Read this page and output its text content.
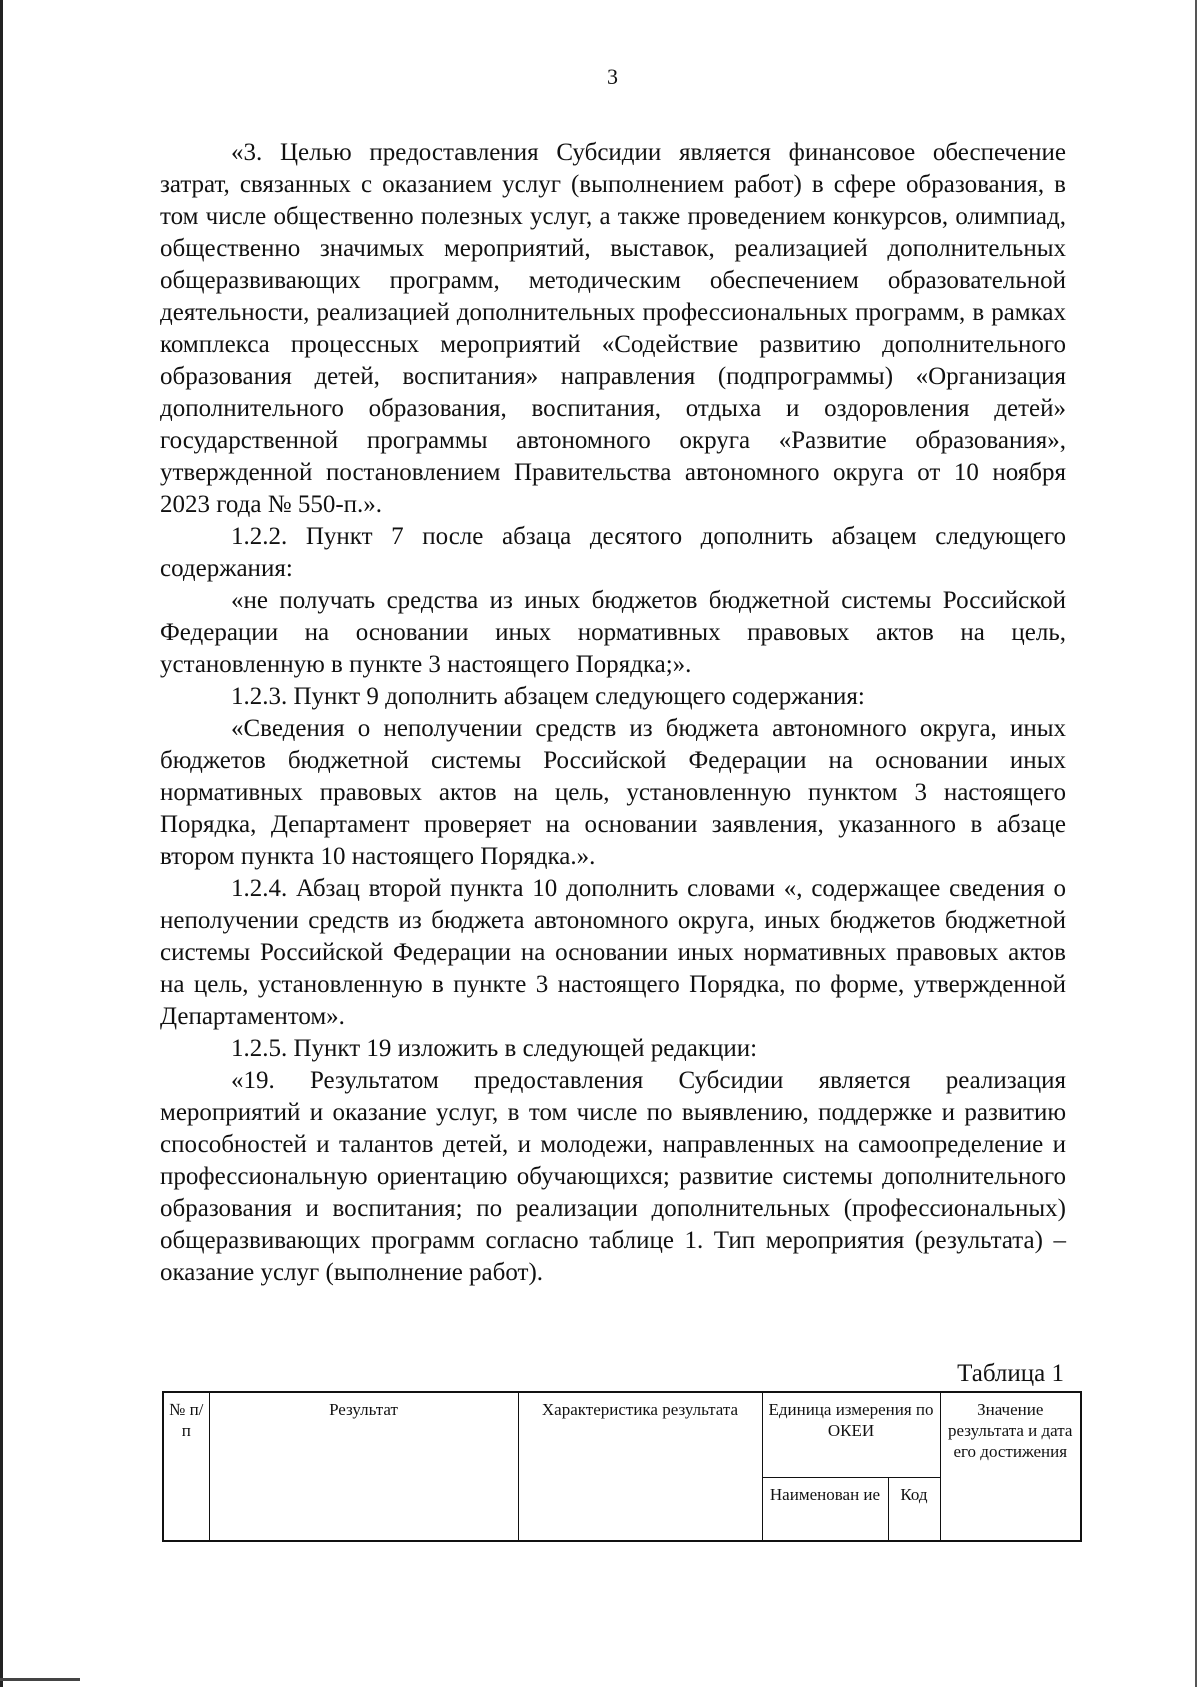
3

«3. Целью предоставления Субсидии является финансовое обеспечение затрат, связанных с оказанием услуг (выполнением работ) в сфере образования, в том числе общественно полезных услуг, а также проведением конкурсов, олимпиад, общественно значимых мероприятий, выставок, реализацией дополнительных общеразвивающих программ, методическим обеспечением образовательной деятельности, реализацией дополнительных профессиональных программ, в рамках комплекса процессных мероприятий «Содействие развитию дополнительного образования детей, воспитания» направления (подпрограммы) «Организация дополнительного образования, воспитания, отдыха и оздоровления детей» государственной программы автономного округа «Развитие образования», утвержденной постановлением Правительства автономного округа от 10 ноября 2023 года № 550-п.».

1.2.2. Пункт 7 после абзаца десятого дополнить абзацем следующего содержания:

«не получать средства из иных бюджетов бюджетной системы Российской Федерации на основании иных нормативных правовых актов на цель, установленную в пункте 3 настоящего Порядка;».

1.2.3. Пункт 9 дополнить абзацем следующего содержания:

«Сведения о неполучении средств из бюджета автономного округа, иных бюджетов бюджетной системы Российской Федерации на основании иных нормативных правовых актов на цель, установленную пунктом 3 настоящего Порядка, Департамент проверяет на основании заявления, указанного в абзаце втором пункта 10 настоящего Порядка.».

1.2.4. Абзац второй пункта 10 дополнить словами «, содержащее сведения о неполучении средств из бюджета автономного округа, иных бюджетов бюджетной системы Российской Федерации на основании иных нормативных правовых актов на цель, установленную в пункте 3 настоящего Порядка, по форме, утвержденной Департаментом».

1.2.5. Пункт 19 изложить в следующей редакции:

«19. Результатом предоставления Субсидии является реализация мероприятий и оказание услуг, в том числе по выявлению, поддержке и развитию способностей и талантов детей, и молодежи, направленных на самоопределение и профессиональную ориентацию обучающихся; развитие системы дополнительного образования и воспитания; по реализации дополнительных (профессиональных) общеразвивающих программ согласно таблице 1. Тип мероприятия (результата) – оказание услуг (выполнение работ).

Таблица 1
№ п/п	Результат	Характеристика результата	Единица измерения по ОКЕИ		Значение результата и дата его достижения
			Наименован ие	Код	
